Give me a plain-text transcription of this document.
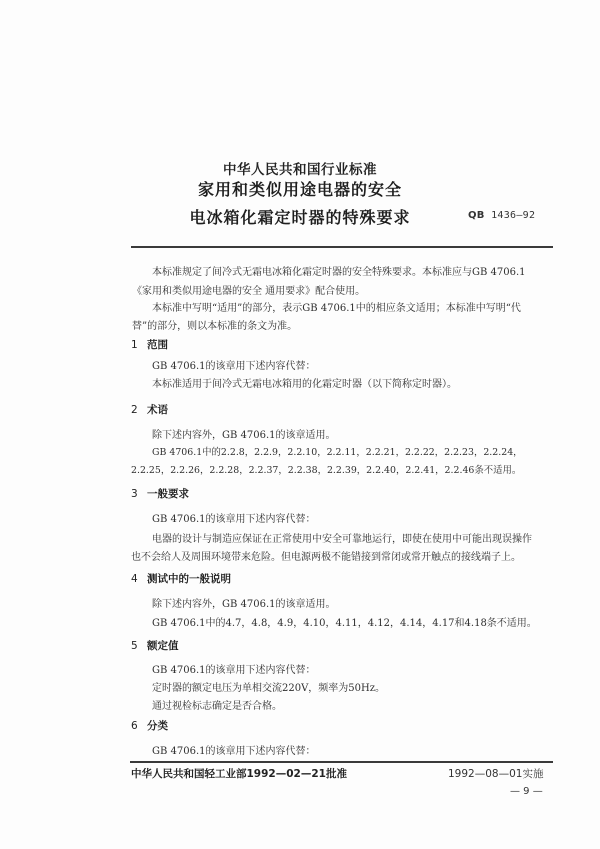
中华人民共和国行业标准
家用和类似用途电器的安全
电冰箱化霜定时器的特殊要求	QB 1436—92
本标准规定了间冷式无霜电冰箱化霜定时器的安全特殊要求。本标准应与GB 4706.1
《家用和类似用途电器的安全 通用要求》配合使用。
本标准中写明“适用”的部分，表示GB 4706.1中的相应条文适用；本标准中写明“代
替”的部分，则以本标准的条文为准。
1 范围
GB 4706.1的该章用下述内容代替：
本标准适用于间冷式无霜电冰箱用的化霜定时器（以下简称定时器）。
2 术语
除下述内容外，GB 4706.1的该章适用。
GB 4706.1中的2.2.8，2.2.9，2.2.10，2.2.11，2.2.21，2.2.22，2.2.23，2.2.24，
2.2.25，2.2.26，2.2.28，2.2.37，2.2.38，2.2.39，2.2.40，2.2.41，2.2.46条不适用。
3 一般要求
GB 4706.1的该章用下述内容代替：
电器的设计与制造应保证在正常使用中安全可靠地运行，即使在使用中可能出现误操作
也不会给人及周围环境带来危险。但电源两极不能错接到常闭或常开触点的接线端子上。
4 测试中的一般说明
除下述内容外，GB 4706.1的该章适用。
GB 4706.1中的4.7，4.8，4.9，4.10，4.11，4.12，4.14，4.17和4.18条不适用。
5 额定值
GB 4706.1的该章用下述内容代替：
定时器的额定电压为单相交流220V，频率为50Hz。
通过视检标志确定是否合格。
6 分类
GB 4706.1的该章用下述内容代替：
中华人民共和国轻工业部1992—02—21批准	1992—08—01实施
— 9 —
